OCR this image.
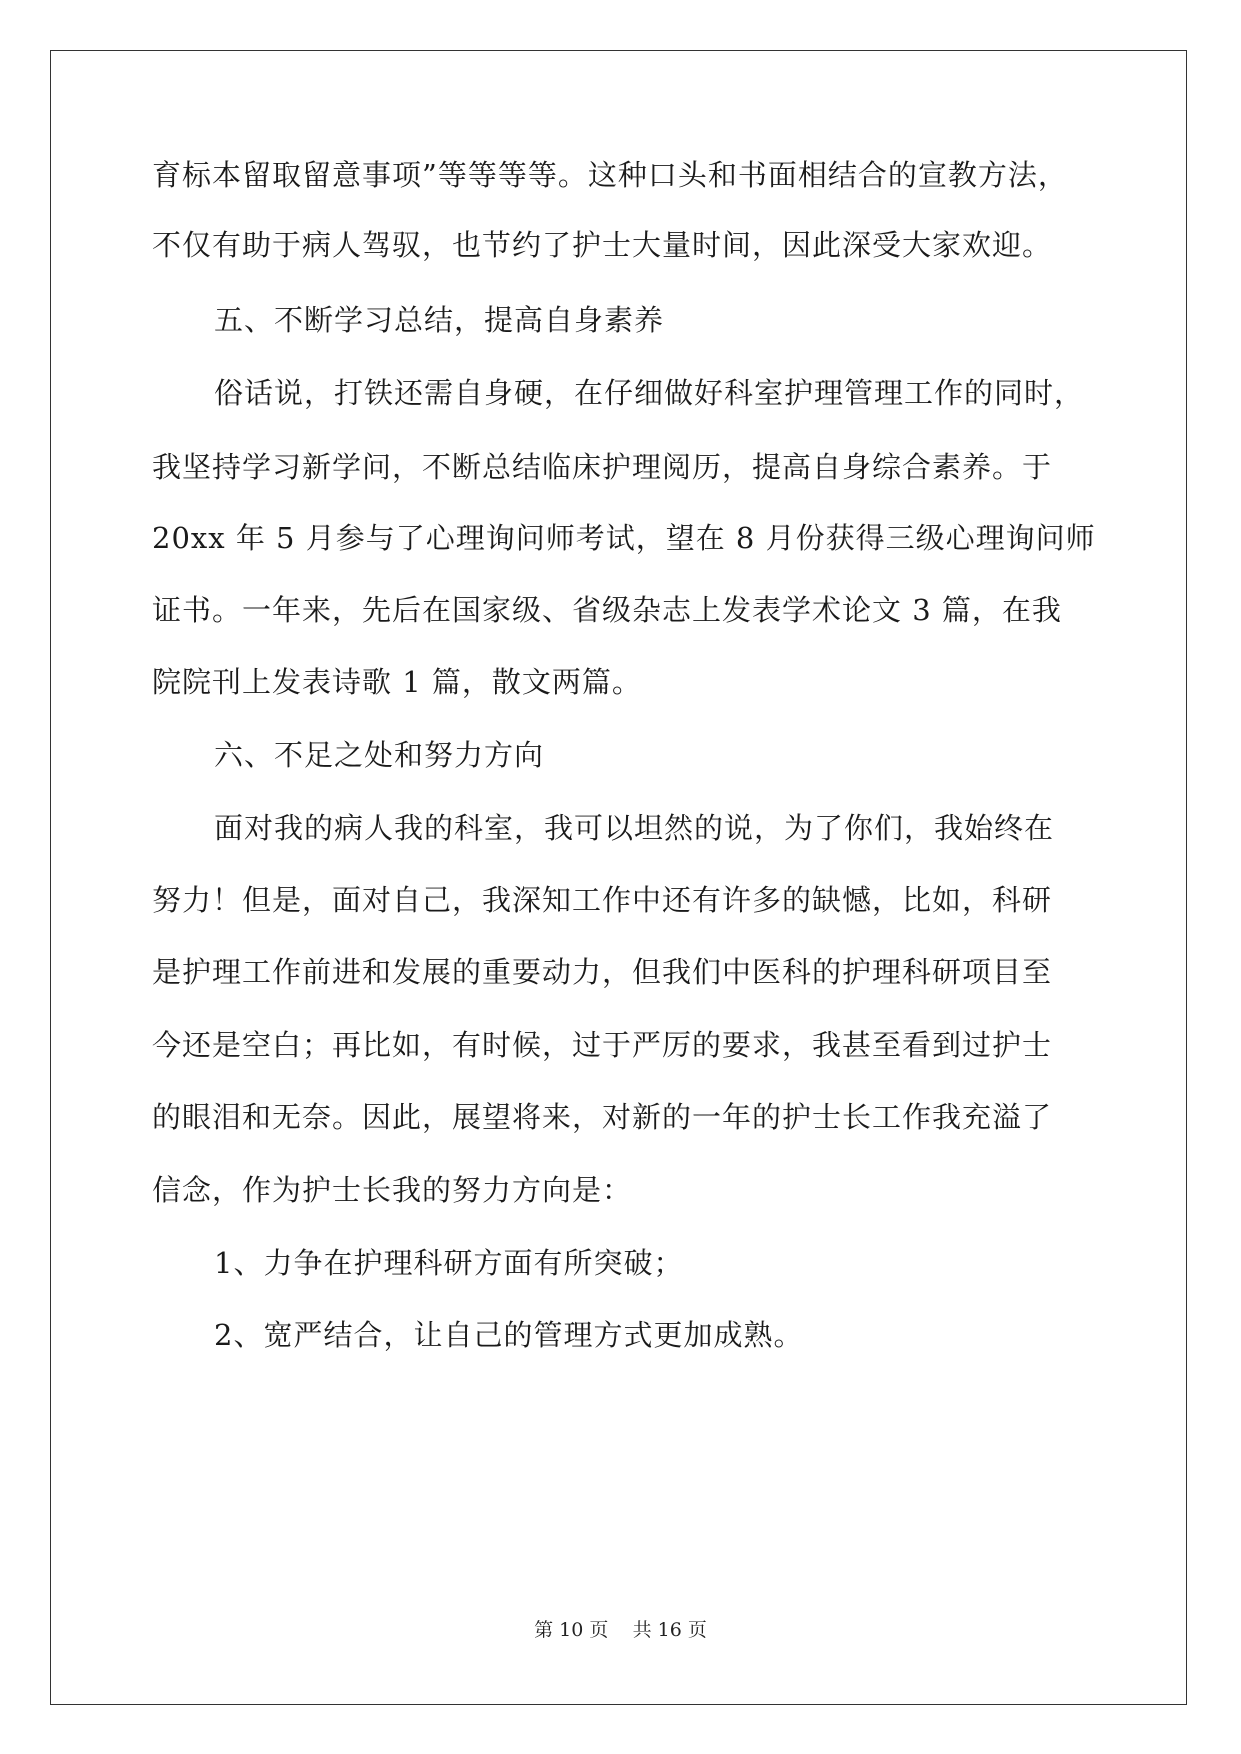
育标本留取留意事项”等等等等。这种口头和书面相结合的宣教方法，
不仅有助于病人驾驭，也节约了护士大量时间，因此深受大家欢迎。
五、不断学习总结，提高自身素养
俗话说，打铁还需自身硬，在仔细做好科室护理管理工作的同时，
我坚持学习新学问，不断总结临床护理阅历，提高自身综合素养。于
20xx 年 5 月参与了心理询问师考试，望在 8 月份获得三级心理询问师
证书。一年来，先后在国家级、省级杂志上发表学术论文 3 篇，在我
院院刊上发表诗歌 1 篇，散文两篇。
六、不足之处和努力方向
面对我的病人我的科室，我可以坦然的说，为了你们，我始终在
努力！但是，面对自己，我深知工作中还有许多的缺憾，比如，科研
是护理工作前进和发展的重要动力，但我们中医科的护理科研项目至
今还是空白；再比如，有时候，过于严厉的要求，我甚至看到过护士
的眼泪和无奈。因此，展望将来，对新的一年的护士长工作我充溢了
信念，作为护士长我的努力方向是：
1、力争在护理科研方面有所突破；
2、宽严结合，让自己的管理方式更加成熟。
第 10 页 共 16 页
